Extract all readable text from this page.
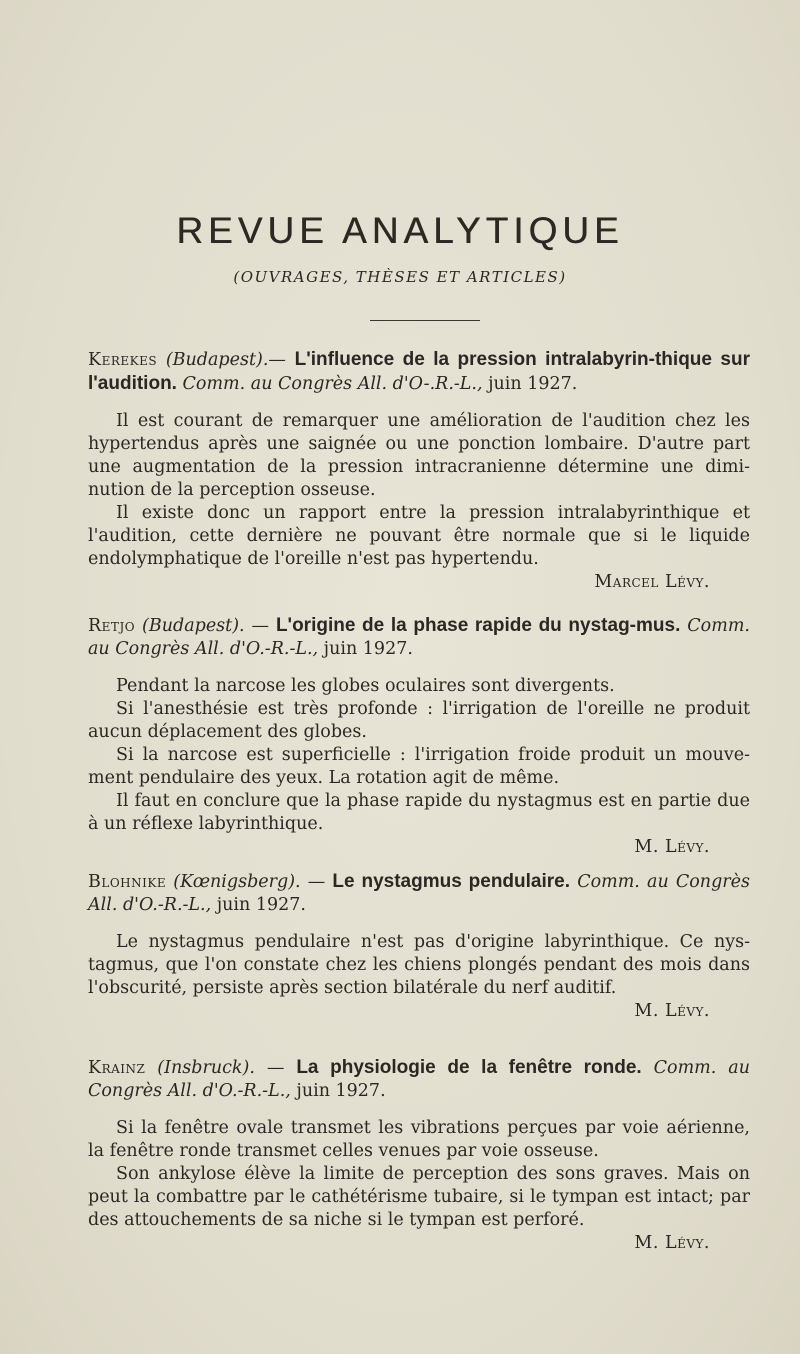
REVUE ANALYTIQUE

(OUVRAGES, THÈSES ET ARTICLES)

Kerekes (Budapest).— L'influence de la pression intralabyrin-thique sur l'audition. Comm. au Congrès All. d'O-.R.-L., juin 1927.

Il est courant de remarquer une amélioration de l'audition chez les hypertendus après une saignée ou une ponction lombaire. D'autre part une augmentation de la pression intracranienne détermine une dimi-nution de la perception osseuse.

Il existe donc un rapport entre la pression intralabyrinthique et l'audition, cette dernière ne pouvant être normale que si le liquide endolymphatique de l'oreille n'est pas hypertendu.

Marcel Lévy.

Retjo (Budapest). — L'origine de la phase rapide du nystag-mus. Comm. au Congrès All. d'O.-R.-L., juin 1927.

Pendant la narcose les globes oculaires sont divergents.

Si l'anesthésie est très profonde : l'irrigation de l'oreille ne produit aucun déplacement des globes.

Si la narcose est superficielle : l'irrigation froide produit un mouve-ment pendulaire des yeux. La rotation agit de même.

Il faut en conclure que la phase rapide du nystagmus est en partie due à un réflexe labyrinthique.

M. Lévy.

Blohnike (Kœnigsberg). — Le nystagmus pendulaire. Comm. au Congrès All. d'O.-R.-L., juin 1927.

Le nystagmus pendulaire n'est pas d'origine labyrinthique. Ce nys-tagmus, que l'on constate chez les chiens plongés pendant des mois dans l'obscurité, persiste après section bilatérale du nerf auditif.

M. Lévy.

Krainz (Insbruck). — La physiologie de la fenêtre ronde. Comm. au Congrès All. d'O.-R.-L., juin 1927.

Si la fenêtre ovale transmet les vibrations perçues par voie aérienne, la fenêtre ronde transmet celles venues par voie osseuse.

Son ankylose élève la limite de perception des sons graves. Mais on peut la combattre par le cathétérisme tubaire, si le tympan est intact; par des attouchements de sa niche si le tympan est perforé.

M. Lévy.
